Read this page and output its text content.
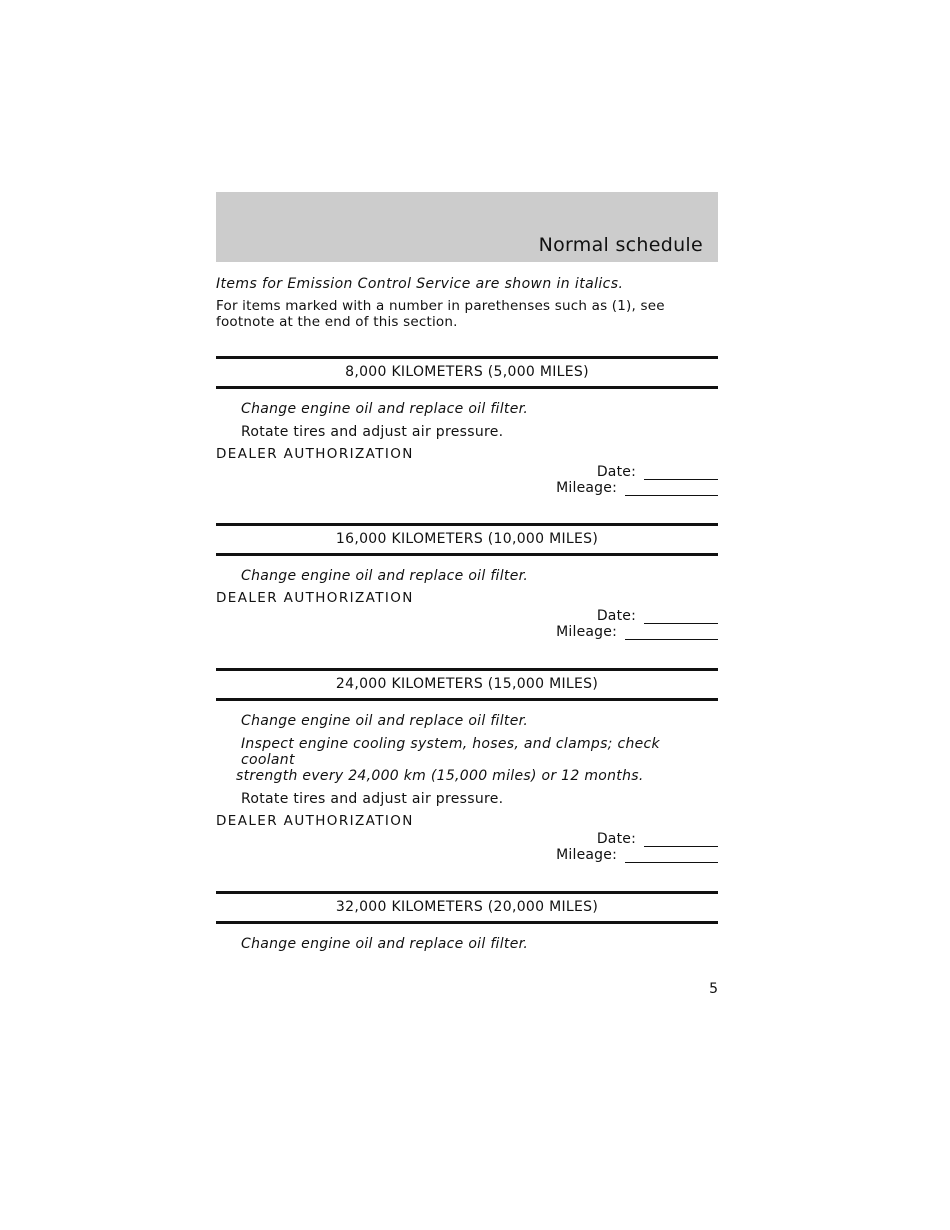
Normal schedule
Items for Emission Control Service are shown in italics.
For items marked with a number in parethenses such as (1), see footnote at the end of this section.
8,000 KILOMETERS (5,000 MILES)
Change engine oil and replace oil filter.
Rotate tires and adjust air pressure.
DEALER AUTHORIZATION
Date:
Mileage:
16,000 KILOMETERS (10,000 MILES)
Change engine oil and replace oil filter.
DEALER AUTHORIZATION
Date:
Mileage:
24,000 KILOMETERS (15,000 MILES)
Change engine oil and replace oil filter.
Inspect engine cooling system, hoses, and clamps; check coolant
strength every 24,000 km (15,000 miles) or 12 months.
Rotate tires and adjust air pressure.
DEALER AUTHORIZATION
Date:
Mileage:
32,000 KILOMETERS (20,000 MILES)
Change engine oil and replace oil filter.
5
